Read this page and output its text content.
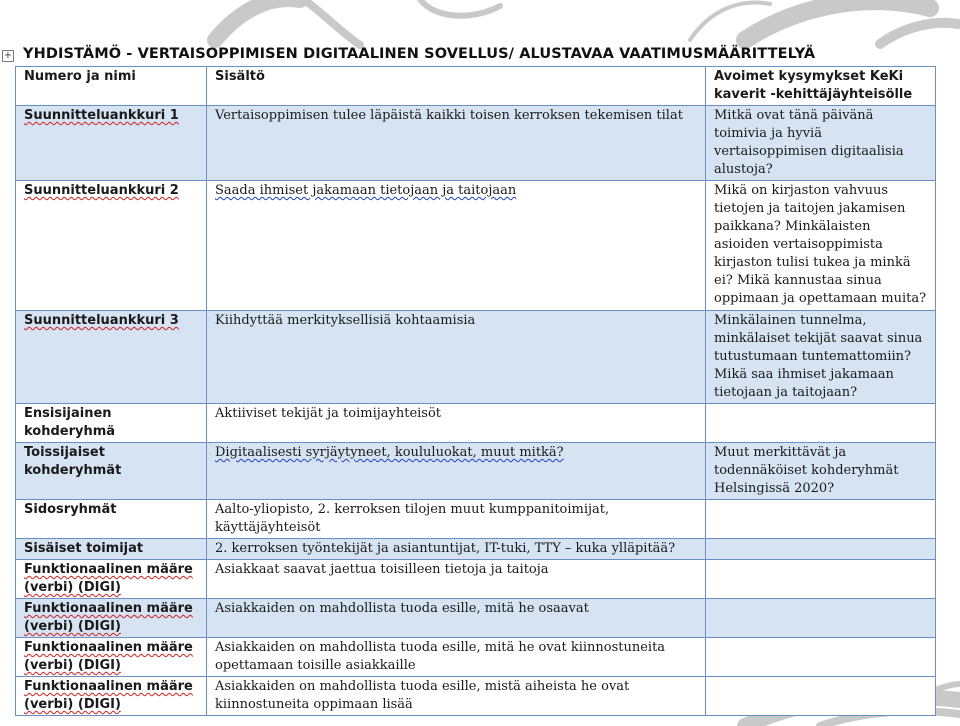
+ YHDISTÄMÖ - VERTAISOPPIMISEN DIGITAALINEN SOVELLUS/ ALUSTAVAA VAATIMUSMÄÄRITTELYÄ
Numero ja nimi	Sisältö	Avoimet kysymykset KeKi kaverit -kehittäjäyhteisölle
Suunnitteluankkuri 1	Vertaisoppimisen tulee läpäistä kaikki toisen kerroksen tekemisen tilat	Mitkä ovat tänä päivänä toimivia ja hyviä vertaisoppimisen digitaalisia alustoja?
Suunnitteluankkuri 2	Saada ihmiset jakamaan tietojaan ja taitojaan	Mikä on kirjaston vahvuus tietojen ja taitojen jakamisen paikkana? Minkälaisten asioiden vertaisoppimista kirjaston tulisi tukea ja minkä ei? Mikä kannustaa sinua oppimaan ja opettamaan muita?
Suunnitteluankkuri 3	Kiihdyttää merkityksellisiä kohtaamisia	Minkälainen tunnelma, minkälaiset tekijät saavat sinua tutustumaan tuntemattomiin? Mikä saa ihmiset jakamaan tietojaan ja taitojaan?
Ensisijainen kohderyhmä	Aktiiviset tekijät ja toimijayhteisöt	
Toissijaiset kohderyhmät	Digitaalisesti syrjäytyneet, koululuokat, muut mitkä?	Muut merkittävät ja todennäköiset kohderyhmät Helsingissä 2020?
Sidosryhmät	Aalto-yliopisto, 2. kerroksen tilojen muut kumppanitoimijat, käyttäjäyhteisöt	
Sisäiset toimijat	2. kerroksen työntekijät ja asiantuntijat, IT-tuki, TTY – kuka ylläpitää?	
Funktionaalinen määre (verbi) (DIGI)	Asiakkaat saavat jaettua toisilleen tietoja ja taitoja	
Funktionaalinen määre (verbi) (DIGI)	Asiakkaiden on mahdollista tuoda esille, mitä he osaavat	
Funktionaalinen määre (verbi) (DIGI)	Asiakkaiden on mahdollista tuoda esille, mitä he ovat kiinnostuneita opettamaan toisille asiakkaille	
Funktionaalinen määre (verbi) (DIGI)	Asiakkaiden on mahdollista tuoda esille, mistä aiheista he ovat kiinnostuneita oppimaan lisää	
